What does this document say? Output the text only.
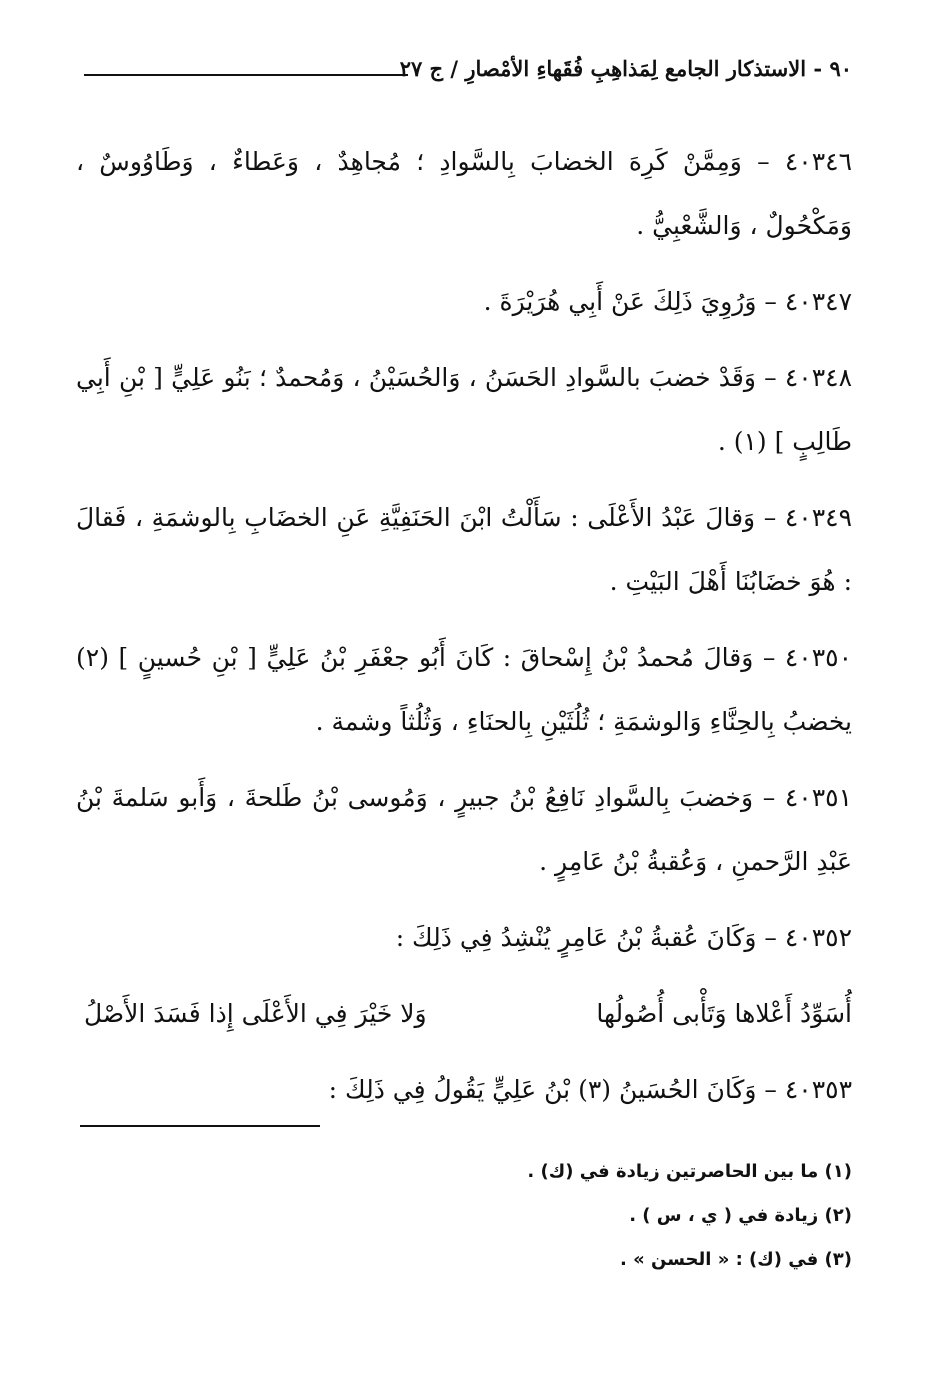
٩٠ - الاستذكار الجامع لِمَذاهِبِ فُقَهاءِ الأمْصارِ / ج ٢٧

٤٠٣٤٦ – وَمِمَّنْ كَرِهَ الخضابَ بِالسَّوادِ ؛ مُجاهِدٌ ، وَعَطاءٌ ، وَطَاوُوسٌ ، وَمَكْحُولٌ ، وَالشَّعْبِيُّ .

٤٠٣٤٧ – وَرُوِيَ ذَلِكَ عَنْ أَبِي هُرَيْرَةَ .

٤٠٣٤٨ – وَقَدْ خضبَ بالسَّوادِ الحَسَنُ ، وَالحُسَيْنُ ، وَمُحمدٌ ؛ بَنُو عَلِيٍّ [ بْنِ أَبِي طَالِبٍ ] (١) .

٤٠٣٤٩ – وَقالَ عَبْدُ الأَعْلَى : سَأَلْتُ ابْنَ الحَنَفِيَّةِ عَنِ الخضَابِ بِالوشمَةِ ، فَقالَ : هُوَ خضَابُنَا أَهْلَ البَيْتِ .

٤٠٣٥٠ – وَقالَ مُحمدُ بْنُ إِسْحاقَ : كَانَ أَبُو جعْفَرِ بْنُ عَلِيٍّ [ بْنِ حُسينٍ ] (٢) يخضبُ بِالحِنَّاءِ وَالوشمَةِ ؛ ثُلُثَيْنِ بِالحنَاءِ ، وَثُلُثاً وشمة .

٤٠٣٥١ – وَخضبَ بِالسَّوادِ نَافِعُ بْنُ جبيرٍ ، وَمُوسى بْنُ طَلحةَ ، وَأَبو سَلمةَ بْنُ عَبْدِ الرَّحمنِ ، وَعُقبةُ بْنُ عَامِرٍ .

٤٠٣٥٢ – وَكَانَ عُقبةُ بْنُ عَامِرٍ يُنْشِدُ فِي ذَلِكَ :

أُسَوِّدُ أَعْلاها وَتَأْبى أُصُولُها
وَلا خَيْرَ فِي الأَعْلَى إِذا فَسَدَ الأَصْلُ

٤٠٣٥٣ – وَكَانَ الحُسَينُ (٣) بْنُ عَلِيٍّ يَقُولُ فِي ذَلِكَ :

(١) ما بين الحاصرتين زيادة في (ك) .

(٢) زيادة في ( ي ، س ) .

(٣) في (ك) : « الحسن » .
